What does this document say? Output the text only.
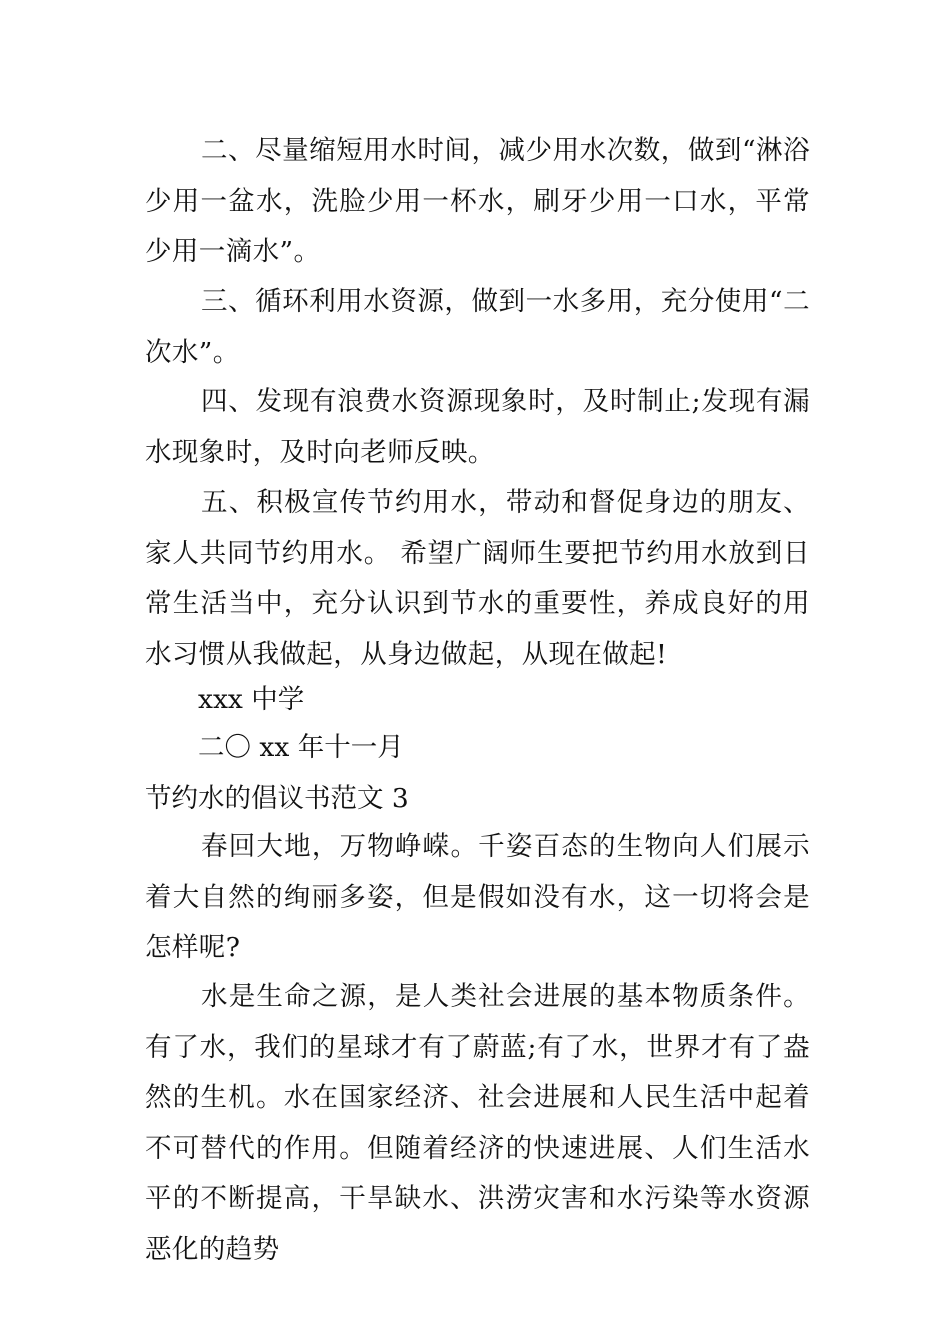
二、尽量缩短用水时间，减少用水次数，做到“淋浴少用一盆水，洗脸少用一杯水，刷牙少用一口水，平常少用一滴水”。
三、循环利用水资源，做到一水多用，充分使用“二次水”。
四、发现有浪费水资源现象时，及时制止;发现有漏水现象时，及时向老师反映。
五、积极宣传节约用水，带动和督促身边的朋友、家人共同节约用水。 希望广阔师生要把节约用水放到日常生活当中，充分认识到节水的重要性，养成良好的用水习惯从我做起，从身边做起，从现在做起!
xxx 中学
二〇 xx 年十一月
节约水的倡议书范文 3
春回大地，万物峥嵘。千姿百态的生物向人们展示着大自然的绚丽多姿，但是假如没有水，这一切将会是怎样呢?
水是生命之源，是人类社会进展的基本物质条件。有了水，我们的星球才有了蔚蓝;有了水，世界才有了盎然的生机。水在国家经济、社会进展和人民生活中起着不可替代的作用。但随着经济的快速进展、人们生活水平的不断提高，干旱缺水、洪涝灾害和水污染等水资源恶化的趋势
